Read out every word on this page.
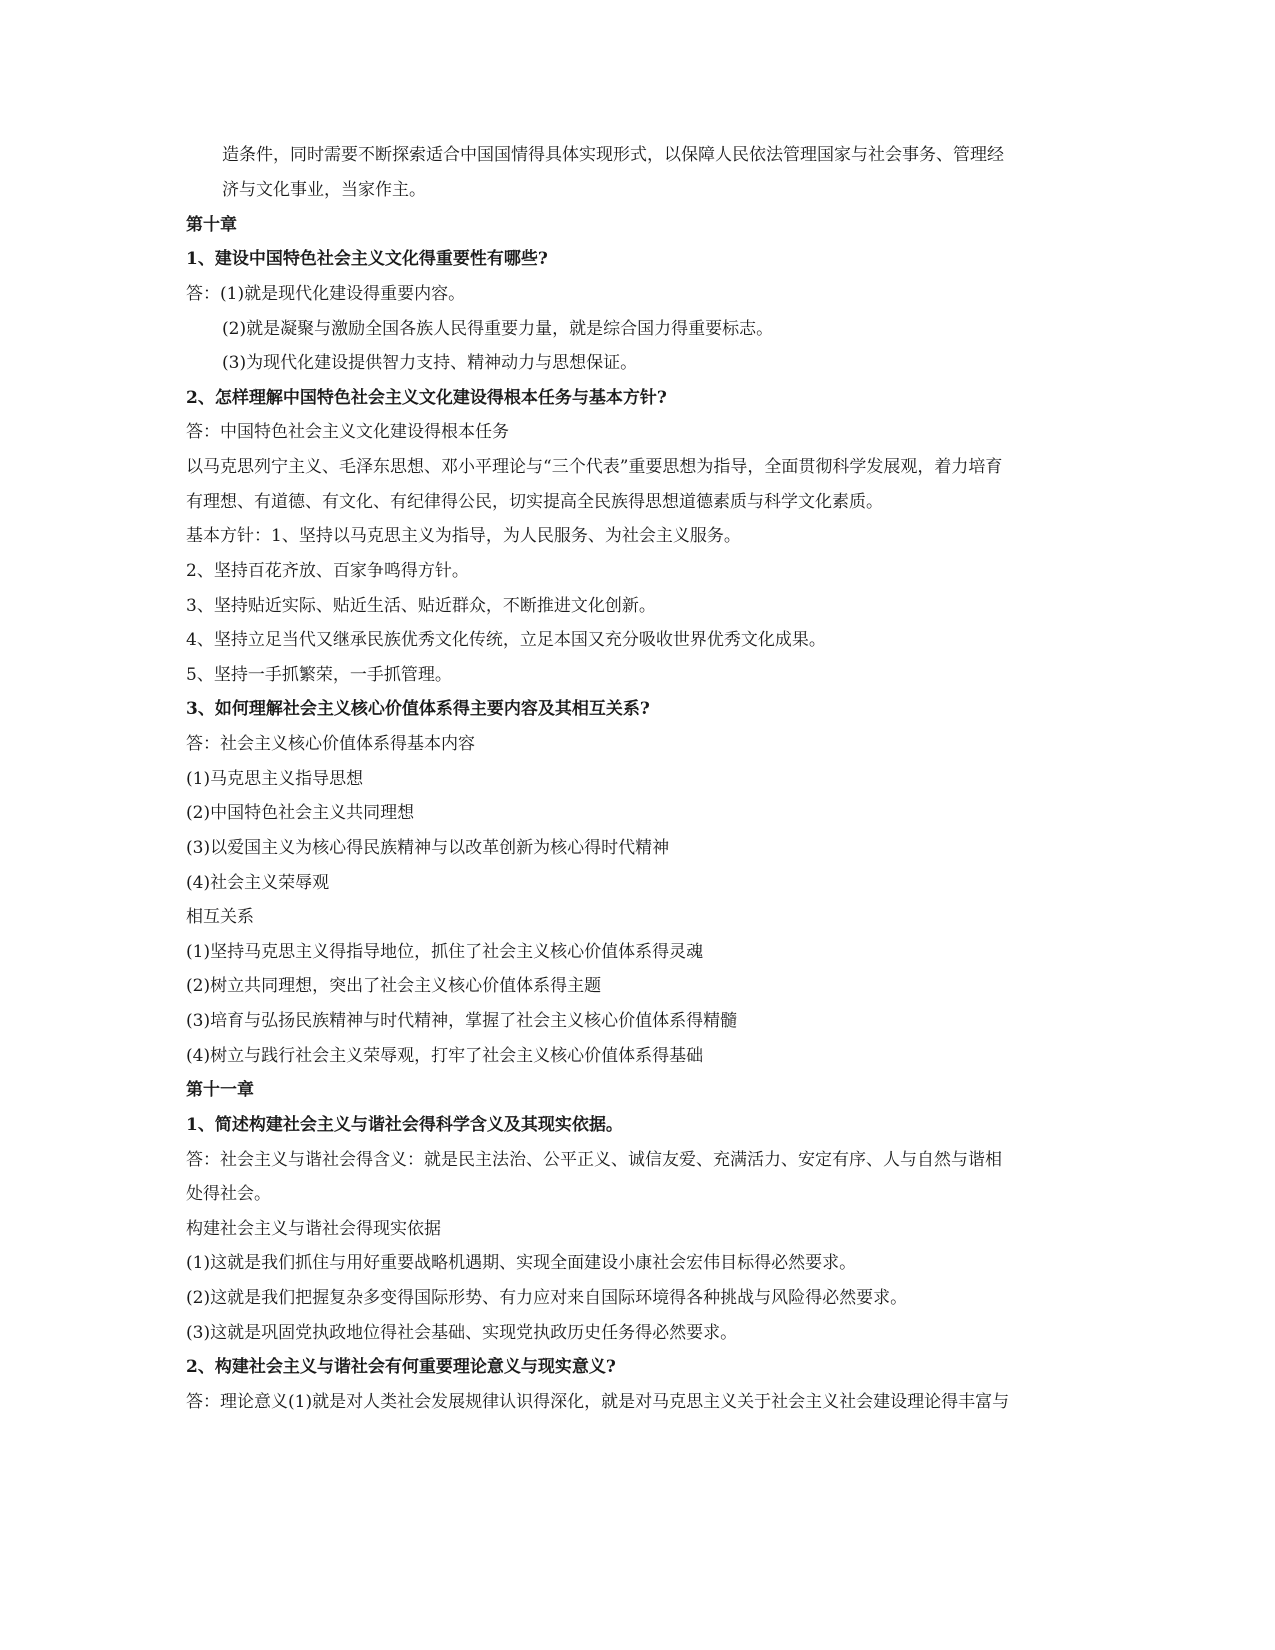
造条件，同时需要不断探索适合中国国情得具体实现形式，以保障人民依法管理国家与社会事务、管理经
济与文化事业，当家作主。
第十章
1、建设中国特色社会主义文化得重要性有哪些?
答：(1)就是现代化建设得重要内容。
(2)就是凝聚与激励全国各族人民得重要力量，就是综合国力得重要标志。
(3)为现代化建设提供智力支持、精神动力与思想保证。
2、怎样理解中国特色社会主义文化建设得根本任务与基本方针?
答：中国特色社会主义文化建设得根本任务
以马克思列宁主义、毛泽东思想、邓小平理论与“三个代表”重要思想为指导，全面贯彻科学发展观，着力培育
有理想、有道德、有文化、有纪律得公民，切实提高全民族得思想道德素质与科学文化素质。
基本方针：1、坚持以马克思主义为指导，为人民服务、为社会主义服务。
2、坚持百花齐放、百家争鸣得方针。
3、坚持贴近实际、贴近生活、贴近群众，不断推进文化创新。
4、坚持立足当代又继承民族优秀文化传统，立足本国又充分吸收世界优秀文化成果。
5、坚持一手抓繁荣，一手抓管理。
3、如何理解社会主义核心价值体系得主要内容及其相互关系?
答：社会主义核心价值体系得基本内容
(1)马克思主义指导思想
(2)中国特色社会主义共同理想
(3)以爱国主义为核心得民族精神与以改革创新为核心得时代精神
(4)社会主义荣辱观
相互关系
(1)坚持马克思主义得指导地位，抓住了社会主义核心价值体系得灵魂
(2)树立共同理想，突出了社会主义核心价值体系得主题
(3)培育与弘扬民族精神与时代精神，掌握了社会主义核心价值体系得精髓
(4)树立与践行社会主义荣辱观，打牢了社会主义核心价值体系得基础
第十一章
1、简述构建社会主义与谐社会得科学含义及其现实依据。
答：社会主义与谐社会得含义：就是民主法治、公平正义、诚信友爱、充满活力、安定有序、人与自然与谐相
处得社会。
构建社会主义与谐社会得现实依据
(1)这就是我们抓住与用好重要战略机遇期、实现全面建设小康社会宏伟目标得必然要求。
(2)这就是我们把握复杂多变得国际形势、有力应对来自国际环境得各种挑战与风险得必然要求。
(3)这就是巩固党执政地位得社会基础、实现党执政历史任务得必然要求。
2、构建社会主义与谐社会有何重要理论意义与现实意义?
答：理论意义(1)就是对人类社会发展规律认识得深化，就是对马克思主义关于社会主义社会建设理论得丰富与
